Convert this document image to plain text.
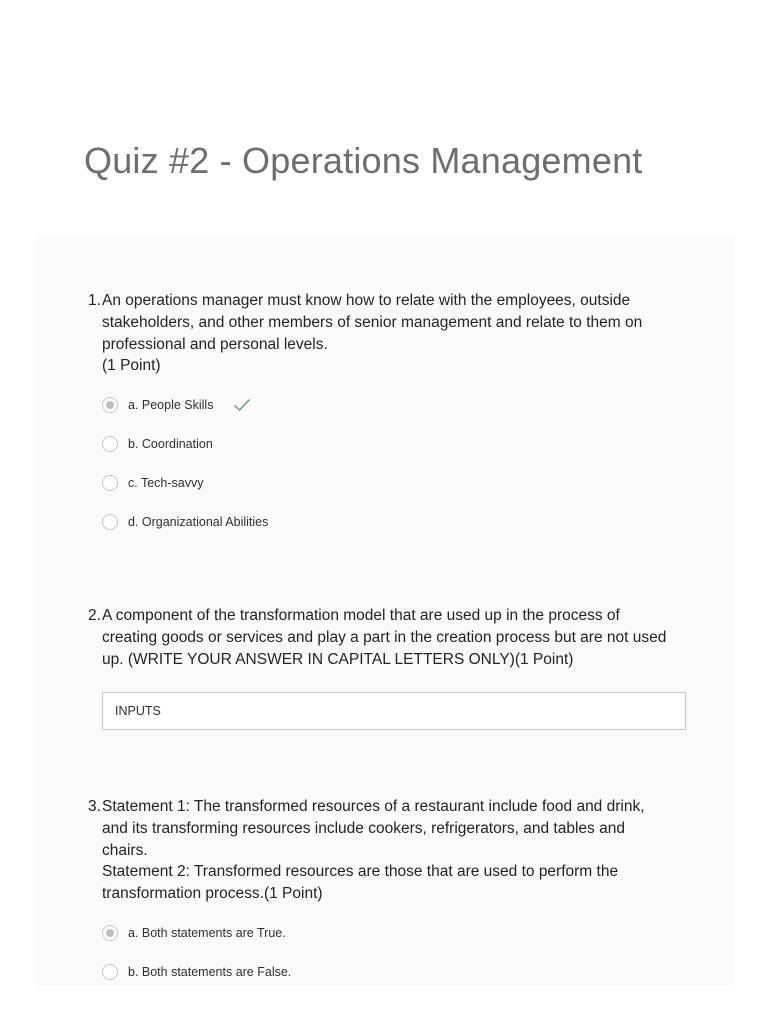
Quiz #2 - Operations Management
1. An operations manager must know how to relate with the employees, outside
stakeholders, and other members of senior management and relate to them on
professional and personal levels.
(1 Point)
a. People Skills
b. Coordination
c. Tech-savvy
d. Organizational Abilities
2. A component of the transformation model that are used up in the process of
creating goods or services and play a part in the creation process but are not used
up. (WRITE YOUR ANSWER IN CAPITAL LETTERS ONLY)(1 Point)
INPUTS
3. Statement 1: The transformed resources of a restaurant include food and drink,
and its transforming resources include cookers, refrigerators, and tables and
chairs.
Statement 2: Transformed resources are those that are used to perform the
transformation process.(1 Point)
a. Both statements are True.
b. Both statements are False.
